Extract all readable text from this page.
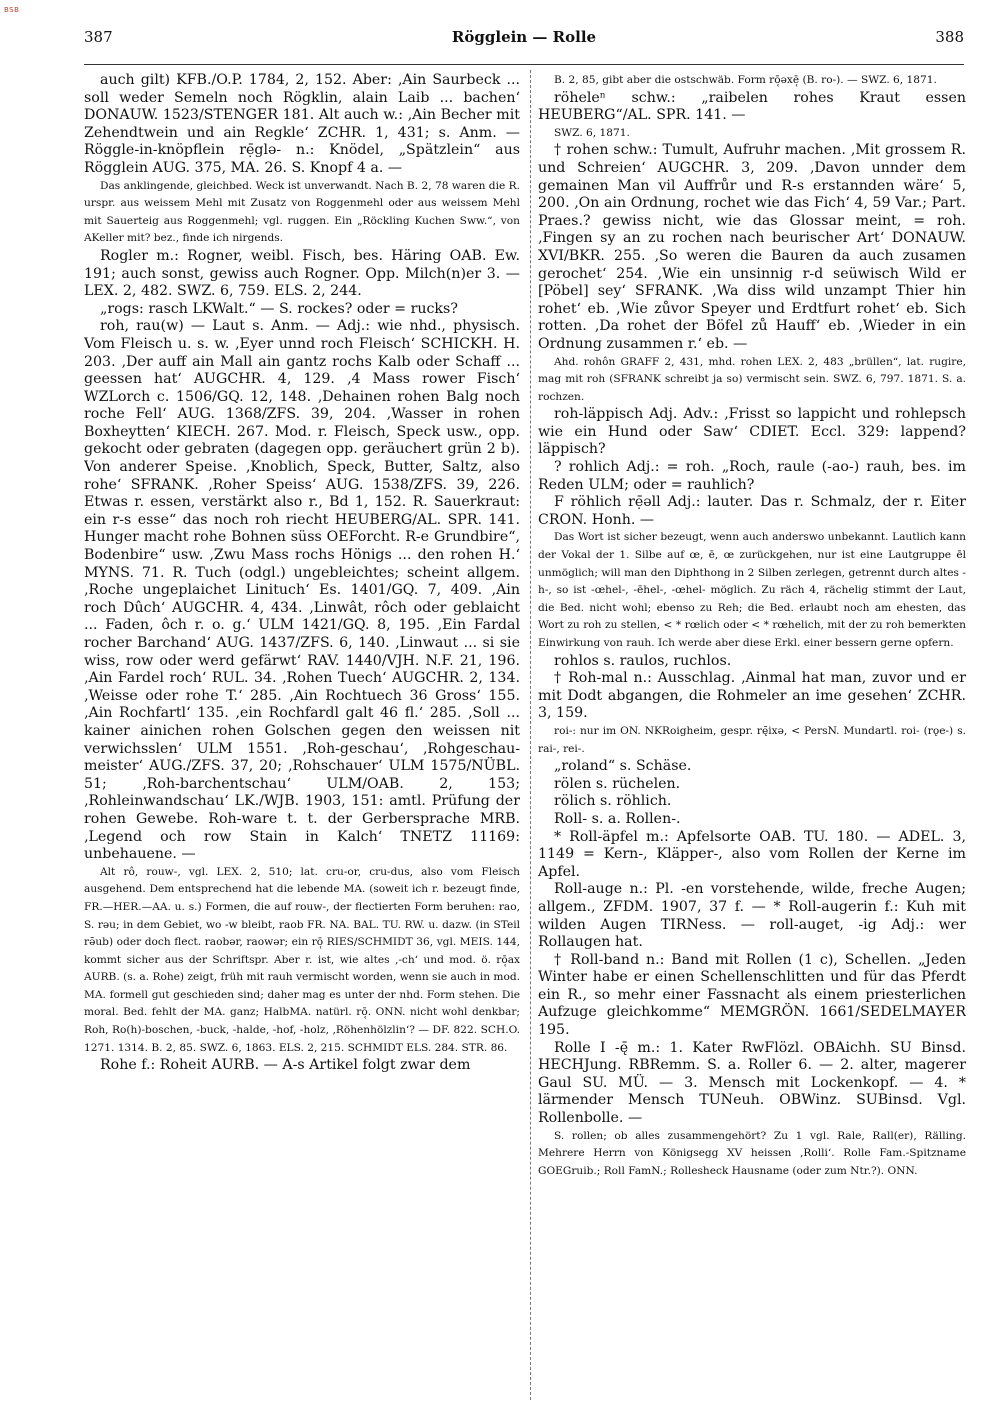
BSB
387	Rögglein — Rolle	388

auch gilt) KFB./O.P. 1784, 2, 152. Aber: ‚Ain Saurbeck ... soll weder Semeln noch Rögklin, alain Laib ... bachen‘ DONAUW. 1523/STENGER 181. Alt auch w.: ‚Ain Becher mit Zehendtwein und ain Regkle‘ ZCHR. 1, 431; s. Anm. — Röggle-in-knöpflein rẹ̄glə- n.: Knödel, „Spätzlein“ aus Rögglein AUG. 375, MA. 26. S. Knopf 4 a. —

Das anklingende, gleichbed. Weck ist unverwandt. Nach B. 2, 78 waren die R. urspr. aus weissem Mehl mit Zusatz von Roggenmehl oder aus weissem Mehl mit Sauerteig aus Roggenmehl; vgl. ruggen. Ein „Röckling Kuchen Sww.“, von AKeller mit? bez., finde ich nirgends.

Rogler m.: Rogner, weibl. Fisch, bes. Häring OAB. Ew. 191; auch sonst, gewiss auch Rogner. Opp. Milch(n)er 3. — LEX. 2, 482. SWZ. 6, 759. ELS. 2, 244.

„rogs: rasch LKWalt.“ — S. rockes? oder = rucks?

roh, rau(w) — Laut s. Anm. — Adj.: wie nhd., physisch. Vom Fleisch u. s. w. ‚Eyer unnd roch Fleisch‘ SCHICKH. H. 203. ‚Der auff ain Mall ain gantz rochs Kalb oder Schaff ... geessen hat‘ AUGCHR. 4, 129. ‚4 Mass rower Fisch‘ WZLorch c. 1506/GQ. 12, 148. ‚Dehainen rohen Balg noch roche Fell‘ AUG. 1368/ZFS. 39, 204. ‚Wasser in rohen Boxheytten‘ KIECH. 267. Mod. r. Fleisch, Speck usw., opp. gekocht oder gebraten (dagegen opp. geräuchert grün 2 b). Von anderer Speise. ‚Knoblich, Speck, Butter, Saltz, also rohe‘ SFRANK. ‚Roher Speiss‘ AUG. 1538/ZFS. 39, 226. Etwas r. essen, verstärkt also r., Bd 1, 152. R. Sauerkraut: ein r-s esse“ das noch roh riecht HEUBERG/AL. SPR. 141. Hunger macht rohe Bohnen süss OEForcht. R-e Grundbire“, Bodenbire“ usw. ‚Zwu Mass rochs Hönigs ... den rohen H.‘ MYNS. 71. R. Tuch (odgl.) ungebleichtes; scheint allgem. ‚Roche ungeplaichet Linituch‘ Es. 1401/GQ. 7, 409. ‚Ain roch Dûch‘ AUGCHR. 4, 434. ‚Linwât, rôch oder geblaicht ... Faden, ôch r. o. g.‘ ULM 1421/GQ. 8, 195. ‚Ein Fardal rocher Barchand‘ AUG. 1437/ZFS. 6, 140. ‚Linwaut ... si sie wiss, row oder werd gefärwt‘ RAV. 1440/VJH. N.F. 21, 196. ‚Ain Fardel roch‘ RUL. 34. ‚Rohen Tuech‘ AUGCHR. 2, 134. ‚Weisse oder rohe T.‘ 285. ‚Ain Rochtuech 36 Gross‘ 155. ‚Ain Rochfartl‘ 135. ‚ein Rochfardl galt 46 fl.‘ 285. ‚Soll ... kainer ainichen rohen Golschen gegen den weissen nit verwichsslen‘ ULM 1551. ‚Roh-geschau‘, ‚Rohgeschau-meister‘ AUG./ZFS. 37, 20; ‚Rohschauer‘ ULM 1575/NÜBL. 51; ‚Roh-barchentschau‘ ULM/OAB. 2, 153; ‚Rohleinwandschau‘ LK./WJB. 1903, 151: amtl. Prüfung der rohen Gewebe. Roh-ware t. t. der Gerbersprache MRB. ‚Legend och row Stain in Kalch‘ TNETZ 11169: unbehauene. —

Alt rô, rouw-, vgl. LEX. 2, 510; lat. cru-or, cru-dus, also vom Fleisch ausgehend. Dem entsprechend hat die lebende MA. (soweit ich r. bezeugt finde, FR.—HER.—AA. u. s.) Formen, die auf rouw-, der flectierten Form beruhen: rao, S. rəu; in dem Gebiet, wo -w bleibt, raob FR. NA. BAL. TU. RW. u. dazw. (in STeil rə̄ub) oder doch flect. raobər, raowər; ein rō̜ RIES/SCHMIDT 36, vgl. MEIS. 144, kommt sicher aus der Schriftspr. Aber r. ist, wie altes ‚-ch‘ und mod. ö. rō̜ax AURB. (s. a. Rohe) zeigt, früh mit rauh vermischt worden, wenn sie auch in mod. MA. formell gut geschieden sind; daher mag es unter der nhd. Form stehen. Die moral. Bed. fehlt der MA. ganz; HalbMA. natürl. rō̜. ONN. nicht wohl denkbar; Roh, Ro(h)-boschen, -buck, -halde, -hof, -holz, ‚Röhenhölzlin‘? — DF. 822. SCH.O. 1271. 1314. B. 2, 85. SWZ. 6, 1863. ELS. 2, 215. SCHMIDT ELS. 284. STR. 86.

Rohe f.: Roheit AURB. — A-s Artikel folgt zwar dem

B. 2, 85, gibt aber die ostschwäb. Form rō̜əxē̜ (B. ro-). — SWZ. 6, 1871.

röheleⁿ schw.: „raibelen rohes Kraut essen HEUBERG“/AL. SPR. 141. —

SWZ. 6, 1871.

† rohen schw.: Tumult, Aufruhr machen. ‚Mit grossem R. und Schreien‘ AUGCHR. 3, 209. ‚Davon unnder dem gemainen Man vil Auffrůr und R-s erstannden wäre‘ 5, 200. ‚On ain Ordnung, rochet wie das Fich‘ 4, 59 Var.; Part. Praes.? gewiss nicht, wie das Glossar meint, = roh. ‚Fingen sy an zu rochen nach beurischer Art‘ DONAUW. XVI/BKR. 255. ‚So weren die Bauren da auch zusamen gerochet‘ 254. ‚Wie ein unsinnig r-d seüwisch Wild er [Pöbel] sey‘ SFRANK. ‚Wa diss wild unzampt Thier hin rohet‘ eb. ‚Wie zůvor Speyer und Erdtfurt rohet‘ eb. Sich rotten. ‚Da rohet der Böfel zů Hauff‘ eb. ‚Wieder in ein Ordnung zusammen r.‘ eb. —

Ahd. rohôn GRAFF 2, 431, mhd. rohen LEX. 2, 483 „brüllen“, lat. rugire, mag mit roh (SFRANK schreibt ja so) vermischt sein. SWZ. 6, 797. 1871. S. a. rochzen.

roh-läppisch Adj. Adv.: ‚Frisst so lappicht und rohlepsch wie ein Hund oder Saw‘ CDIET. Eccl. 329: lappend? läppisch?

? rohlich Adj.: = roh. „Roch, raule (-ao-) rauh, bes. im Reden ULM; oder = rauhlich?

F röhlich rẹ̄əll Adj.: lauter. Das r. Schmalz, der r. Eiter CRON. Honh. —

Das Wort ist sicher bezeugt, wenn auch anderswo unbekannt. Lautlich kann der Vokal der 1. Silbe auf œ, ē, œ zurückgehen, nur ist eine Lautgruppe ēl unmöglich; will man den Diphthong in 2 Silben zerlegen, getrennt durch altes -h-, so ist -œhel-, -ēhel-, -œhel- möglich. Zu räch 4, rächelig stimmt der Laut, die Bed. nicht wohl; ebenso zu Reh; die Bed. erlaubt noch am ehesten, das Wort zu roh zu stellen, < * rœlich oder < * rœhelich, mit der zu roh bemerkten Einwirkung von rauh. Ich werde aber diese Erkl. einer bessern gerne opfern.

rohlos s. raulos, ruchlos.

† Roh-mal n.: Ausschlag. ‚Ainmal hat man, zuvor und er mit Dodt abgangen, die Rohmeler an ime gesehen‘ ZCHR. 3, 159.

roi-: nur im ON. NKRoigheim, gespr. rę̄ixə, < PersN. Mundartl. roi- (rǫe-) s. rai-, rei-.

„roland“ s. Schäse.

rölen s. rüchelen.

rölich s. röhlich.

Roll- s. a. Rollen-.

* Roll-äpfel m.: Apfelsorte OAB. TU. 180. — ADEL. 3, 1149 = Kern-, Kläpper-, also vom Rollen der Kerne im Apfel.

Roll-auge n.: Pl. -en vorstehende, wilde, freche Augen; allgem., ZFDM. 1907, 37 f. — * Roll-augerin f.: Kuh mit wilden Augen TIRNess. — roll-auget, -ig Adj.: wer Rollaugen hat.

† Roll-band n.: Band mit Rollen (1 c), Schellen. „Jeden Winter habe er einen Schellenschlitten und für das Pferdt ein R., so mehr einer Fassnacht als einem priesterlichen Aufzuge gleichkomme“ MEMGRÖN. 1661/SEDELMAYER 195.

Rolle I -ę̄ m.: 1. Kater RwFlözl. OBAichh. SU Binsd. HECHJung. RBRemm. S. a. Roller 6. — 2. alter, magerer Gaul SU. MÜ. — 3. Mensch mit Lockenkopf. — 4. * lärmender Mensch TUNeuh. OBWinz. SUBinsd. Vgl. Rollenbolle. —

S. rollen; ob alles zusammengehört? Zu 1 vgl. Rale, Rall(er), Rälling. Mehrere Herrn von Königsegg XV heissen ‚Rolli‘. Rolle Fam.-Spitzname GOEGruib.; Roll FamN.; Rollesheck Hausname (oder zum Ntr.?). ONN.
